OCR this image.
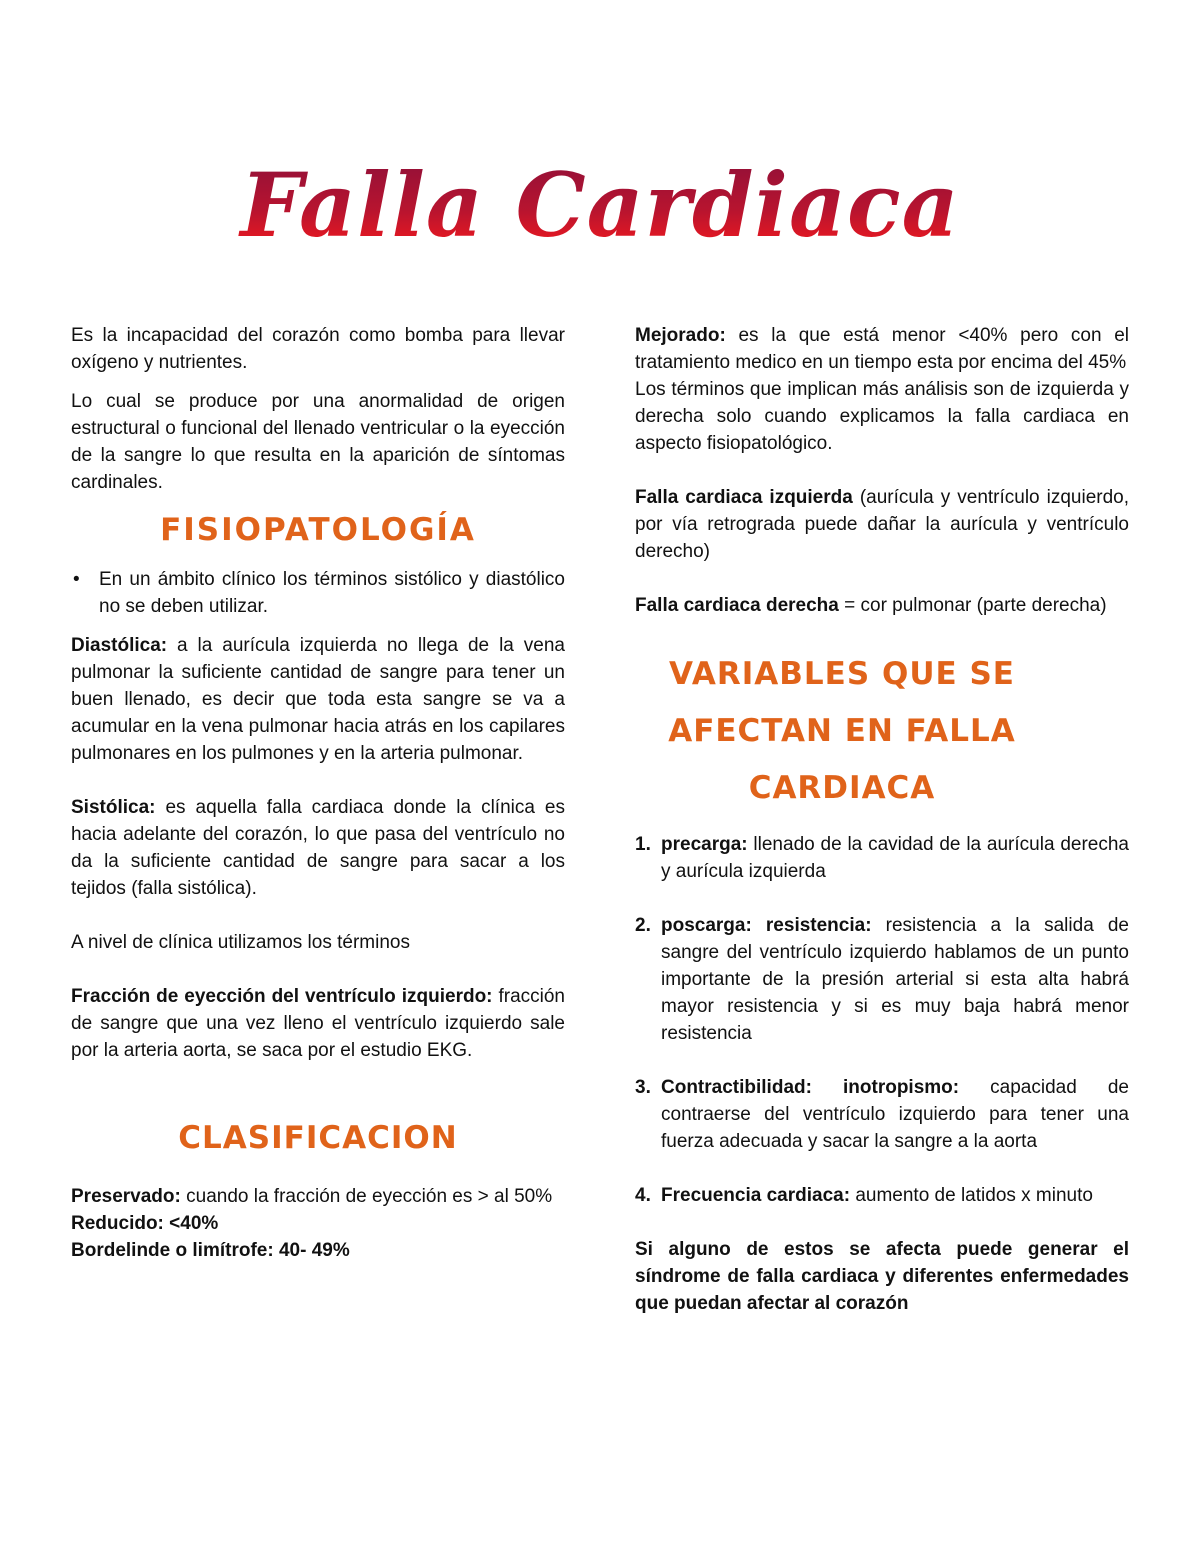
Falla Cardiaca

Es la incapacidad del corazón como bomba para llevar oxígeno y nutrientes.

Lo cual se produce por una anormalidad de origen estructural o funcional del llenado ventricular o la eyección de la sangre lo que resulta en la aparición de síntomas cardinales.

FISIOPATOLOGÍA
• En un ámbito clínico los términos sistólico y diastólico no se deben utilizar.

Diastólica: a la aurícula izquierda no llega de la vena pulmonar la suficiente cantidad de sangre para tener un buen llenado, es decir que toda esta sangre se va a acumular en la vena pulmonar hacia atrás en los capilares pulmonares en los pulmones y en la arteria pulmonar.

Sistólica: es aquella falla cardiaca donde la clínica es hacia adelante del corazón, lo que pasa del ventrículo no da la suficiente cantidad de sangre para sacar a los tejidos (falla sistólica).

A nivel de clínica utilizamos los términos

Fracción de eyección del ventrículo izquierdo: fracción de sangre que una vez lleno el ventrículo izquierdo sale por la arteria aorta, se saca por el estudio EKG.

CLASIFICACION

Preservado: cuando la fracción de eyección es > al 50%

Reducido: <40%

Bordelinde o limítrofe: 40- 49%

Mejorado: es la que está menor <40% pero con el tratamiento medico en un tiempo esta por encima del 45%

Los términos que implican más análisis son de izquierda y derecha solo cuando explicamos la falla cardiaca en aspecto fisiopatológico.

Falla cardiaca izquierda (aurícula y ventrículo izquierdo, por vía retrograda puede dañar la aurícula y ventrículo derecho)

Falla cardiaca derecha = cor pulmonar (parte derecha)

VARIABLES QUE SE
AFECTAN EN FALLA
CARDIACA
1. precarga: llenado de la cavidad de la aurícula derecha y aurícula izquierda
2. poscarga: resistencia: resistencia a la salida de sangre del ventrículo izquierdo hablamos de un punto importante de la presión arterial si esta alta habrá mayor resistencia y si es muy baja habrá menor resistencia
3. Contractibilidad: inotropismo: capacidad de contraerse del ventrículo izquierdo para tener una fuerza adecuada y sacar la sangre a la aorta
4. Frecuencia cardiaca: aumento de latidos x minuto

Si alguno de estos se afecta puede generar el síndrome de falla cardiaca y diferentes enfermedades que puedan afectar al corazón
